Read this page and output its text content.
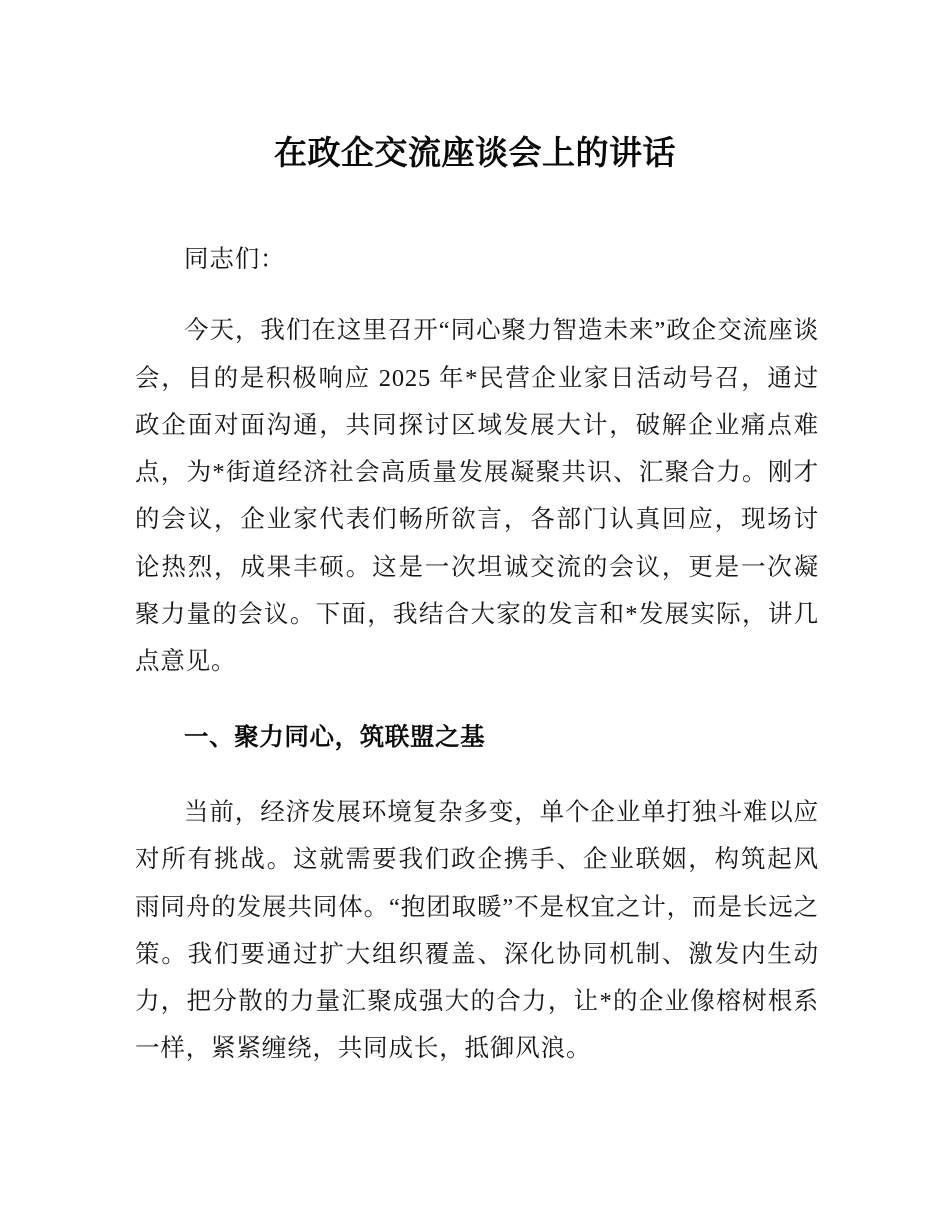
在政企交流座谈会上的讲话

同志们：

今天，我们在这里召开“同心聚力智造未来”政企交流座谈会，目的是积极响应 2025 年*民营企业家日活动号召，通过政企面对面沟通，共同探讨区域发展大计，破解企业痛点难点，为*街道经济社会高质量发展凝聚共识、汇聚合力。刚才的会议，企业家代表们畅所欲言，各部门认真回应，现场讨论热烈，成果丰硕。这是一次坦诚交流的会议，更是一次凝聚力量的会议。下面，我结合大家的发言和*发展实际，讲几点意见。

一、聚力同心，筑联盟之基

当前，经济发展环境复杂多变，单个企业单打独斗难以应对所有挑战。这就需要我们政企携手、企业联姻，构筑起风雨同舟的发展共同体。“抱团取暖”不是权宜之计，而是长远之策。我们要通过扩大组织覆盖、深化协同机制、激发内生动力，把分散的力量汇聚成强大的合力，让*的企业像榕树根系一样，紧紧缠绕，共同成长，抵御风浪。
